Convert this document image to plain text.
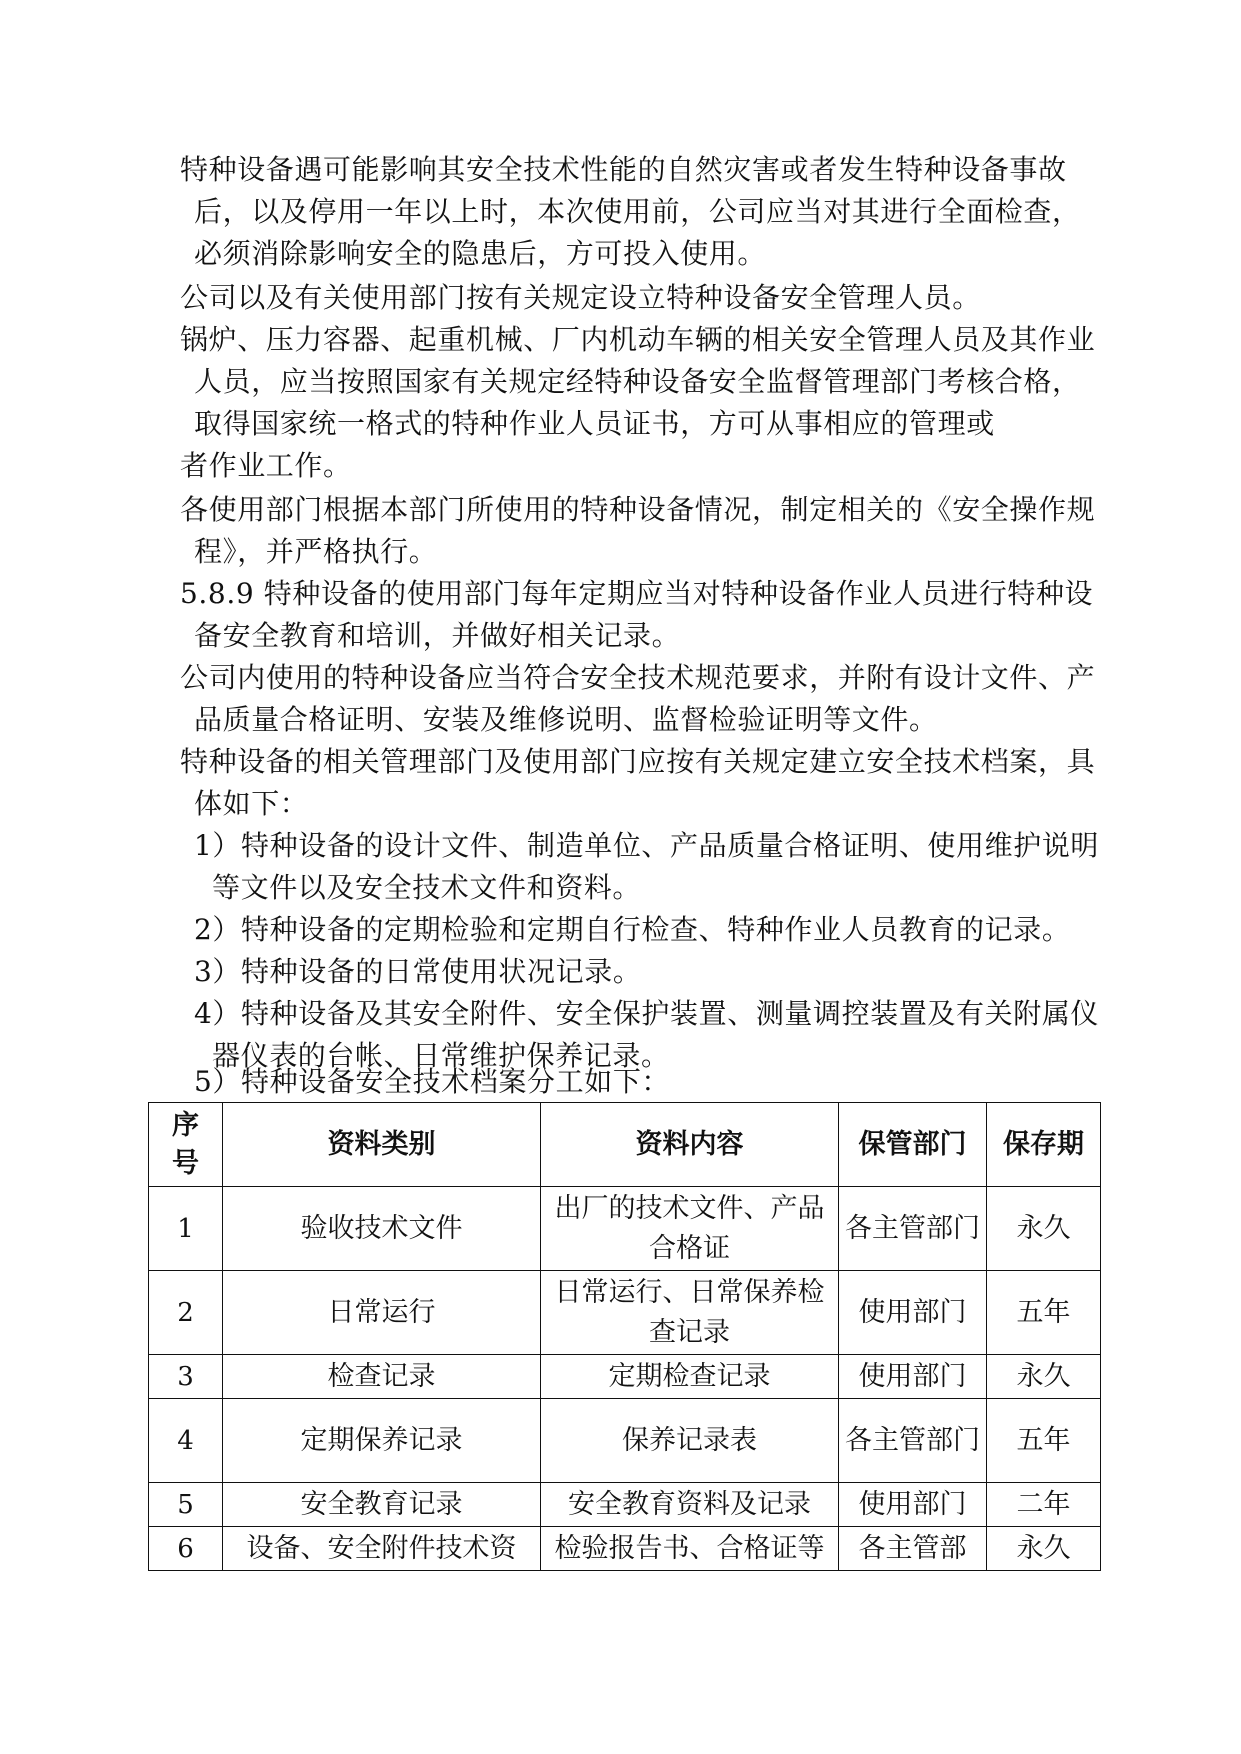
特种设备遇可能影响其安全技术性能的自然灾害或者发生特种设备事故
后，以及停用一年以上时，本次使用前，公司应当对其进行全面检查，
必须消除影响安全的隐患后，方可投入使用。
公司以及有关使用部门按有关规定设立特种设备安全管理人员。
锅炉、压力容器、起重机械、厂内机动车辆的相关安全管理人员及其作业
人员，应当按照国家有关规定经特种设备安全监督管理部门考核合格，
取得国家统一格式的特种作业人员证书，方可从事相应的管理或
者作业工作。
各使用部门根据本部门所使用的特种设备情况，制定相关的《安全操作规
程》，并严格执行。
5.8.9 特种设备的使用部门每年定期应当对特种设备作业人员进行特种设
备安全教育和培训，并做好相关记录。
公司内使用的特种设备应当符合安全技术规范要求，并附有设计文件、产
品质量合格证明、安装及维修说明、监督检验证明等文件。
特种设备的相关管理部门及使用部门应按有关规定建立安全技术档案，具
体如下：
1）特种设备的设计文件、制造单位、产品质量合格证明、使用维护说明
等文件以及安全技术文件和资料。
2）特种设备的定期检验和定期自行检查、特种作业人员教育的记录。
3）特种设备的日常使用状况记录。
4）特种设备及其安全附件、安全保护装置、测量调控装置及有关附属仪
器仪表的台帐、日常维护保养记录。
5）特种设备安全技术档案分工如下：
序
号	资料类别	资料内容	保管部门	保存期
1	验收技术文件	出厂的技术文件、产品合格证	各主管部门	永久
2	日常运行	日常运行、日常保养检查记录	使用部门	五年
3	检查记录	定期检查记录	使用部门	永久
4	定期保养记录	保养记录表	各主管部门	五年
5	安全教育记录	安全教育资料及记录	使用部门	二年
6	设备、安全附件技术资	检验报告书、合格证等	各主管部	永久
